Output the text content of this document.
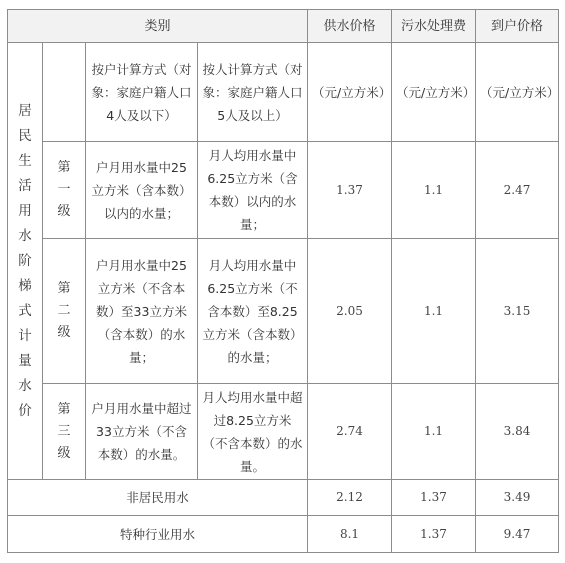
类别				供水价格	污水处理费	到户价格

居民生活用水阶梯式计量水价		按户计算方式（对象：家庭户籍人口4人及以下）	按人计算方式（对象：家庭户籍人口5人及以上）	（元/立方米）	（元/立方米）	（元/立方米）

	第一级	户月用水量中25立方米（含本数）以内的水量；	月人均用水量中6.25立方米（含本数）以内的水量；	1.37	1.1	2.47

	第二级	户月用水量中25立方米（不含本数）至33立方米（含本数）的水量；	月人均用水量中6.25立方米（不含本数）至8.25立方米（含本数）的水量；	2.05	1.1	3.15

	第三级	户月用水量中超过33立方米（不含本数）的水量。	月人均用水量中超过8.25立方米（不含本数）的水量。	2.74	1.1	3.84
非居民用水				2.12	1.37	3.49
特种行业用水				8.1	1.37	9.47
